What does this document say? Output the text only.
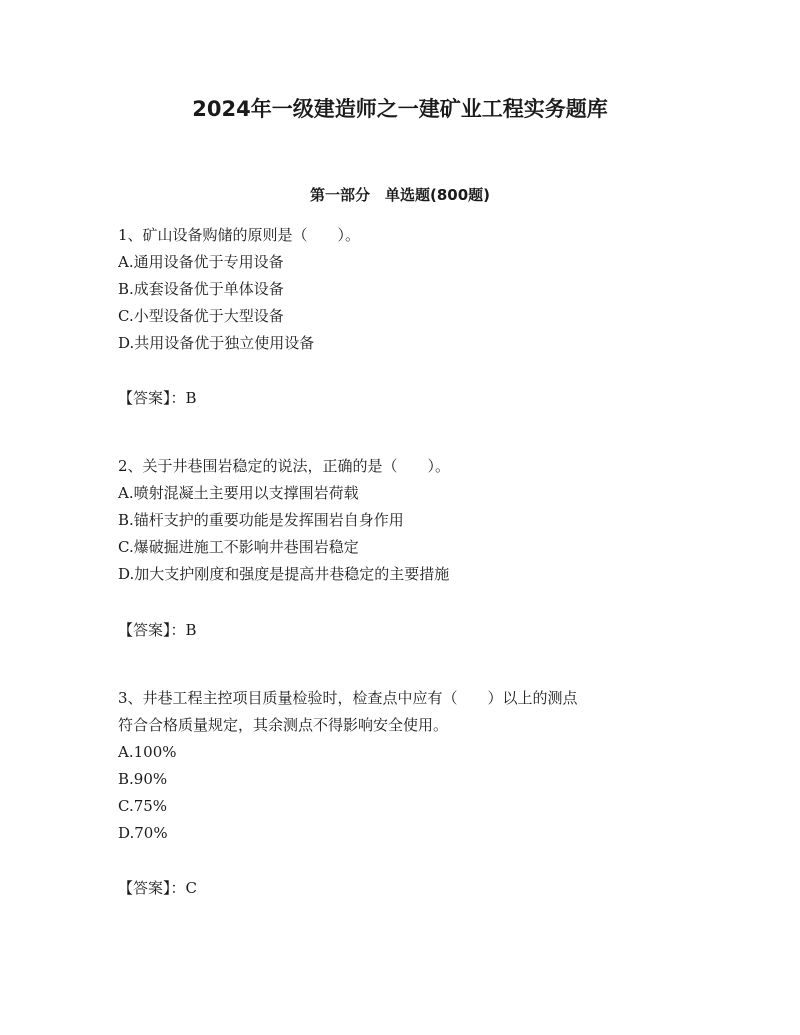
2024年一级建造师之一建矿业工程实务题库
第一部分　单选题(800题)
1、矿山设备购储的原则是（　　）。
A.通用设备优于专用设备
B.成套设备优于单体设备
C.小型设备优于大型设备
D.共用设备优于独立使用设备
【答案】：B
2、关于井巷围岩稳定的说法，正确的是（　　）。
A.喷射混凝土主要用以支撑围岩荷载
B.锚杆支护的重要功能是发挥围岩自身作用
C.爆破掘进施工不影响井巷围岩稳定
D.加大支护刚度和强度是提高井巷稳定的主要措施
【答案】：B
3、井巷工程主控项目质量检验时，检查点中应有（　　）以上的测点
符合合格质量规定，其余测点不得影响安全使用。
A.100%
B.90%
C.75%
D.70%
【答案】：C
